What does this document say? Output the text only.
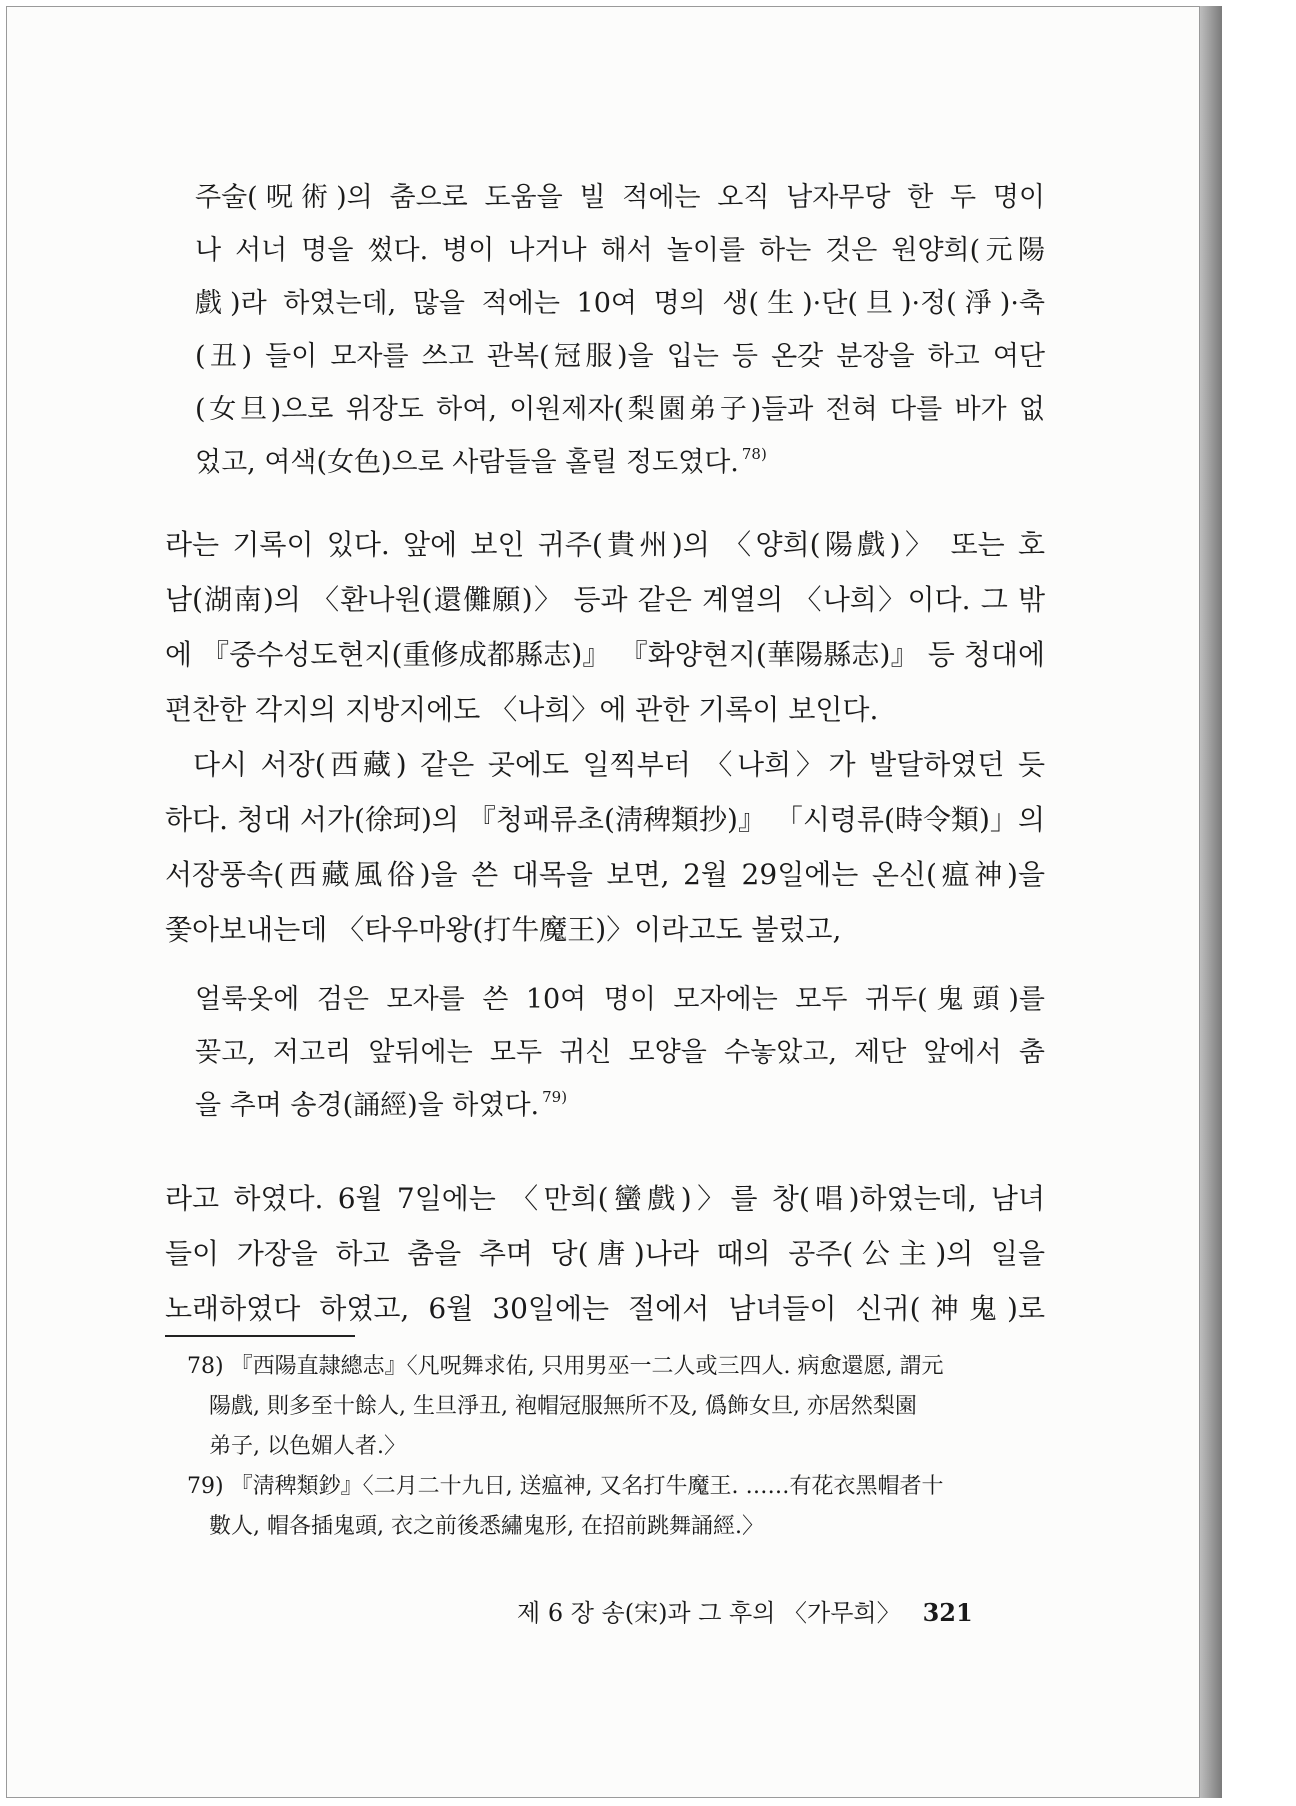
주술(呪術)의 춤으로 도움을 빌 적에는 오직 남자무당 한 두 명이
나 서너 명을 썼다. 병이 나거나 해서 놀이를 하는 것은 원양희(元陽
戲)라 하였는데, 많을 적에는 10여 명의 생(生)·단(旦)·정(淨)·축
(丑) 들이 모자를 쓰고 관복(冠服)을 입는 등 온갖 분장을 하고 여단
(女旦)으로 위장도 하여, 이원제자(梨園弟子)들과 전혀 다를 바가 없
었고, 여색(女色)으로 사람들을 홀릴 정도였다. $^{78)}$
라는 기록이 있다. 앞에 보인 귀주(貴州)의 〈양희(陽戲)〉 또는 호
남(湖南)의 〈환나원(還儺願)〉 등과 같은 계열의 〈나희〉이다. 그 밖
에 『중수성도현지(重修成都縣志)』 『화양현지(華陽縣志)』 등 청대에
편찬한 각지의 지방지에도 〈나희〉에 관한 기록이 보인다.
다시 서장(西藏) 같은 곳에도 일찍부터 〈나희〉가 발달하였던 듯
하다. 청대 서가(徐珂)의 『청패류초(淸稗類抄)』 「시령류(時令類)」의
서장풍속(西藏風俗)을 쓴 대목을 보면, 2월 29일에는 온신(瘟神)을
쫓아보내는데 〈타우마왕(打牛魔王)〉이라고도 불렀고,
얼룩옷에 검은 모자를 쓴 10여 명이 모자에는 모두 귀두(鬼頭)를
꽂고, 저고리 앞뒤에는 모두 귀신 모양을 수놓았고, 제단 앞에서 춤
을 추며 송경(誦經)을 하였다. $^{79)}$
라고 하였다. 6월 7일에는 〈만희(蠻戲)〉를 창(唱)하였는데, 남녀
들이 가장을 하고 춤을 추며 당(唐)나라 때의 공주(公主)의 일을
노래하였다 하였고, 6월 30일에는 절에서 남녀들이 신귀(神鬼)로
78) 『西陽直隷總志』〈凡呪舞求佑, 只用男巫一二人或三四人. 病愈還愿, 謂元
陽戲, 則多至十餘人, 生旦淨丑, 袍帽冠服無所不及, 僞飾女旦, 亦居然梨園
弟子, 以色媚人者.〉
79) 『淸稗類鈔』〈二月二十九日, 送瘟神, 又名打牛魔王. ……有花衣黑帽者十
數人, 帽各插鬼頭, 衣之前後悉繡鬼形, 在招前跳舞誦經.〉
제 6 장 송(宋)과 그 후의 〈가무희〉 321
